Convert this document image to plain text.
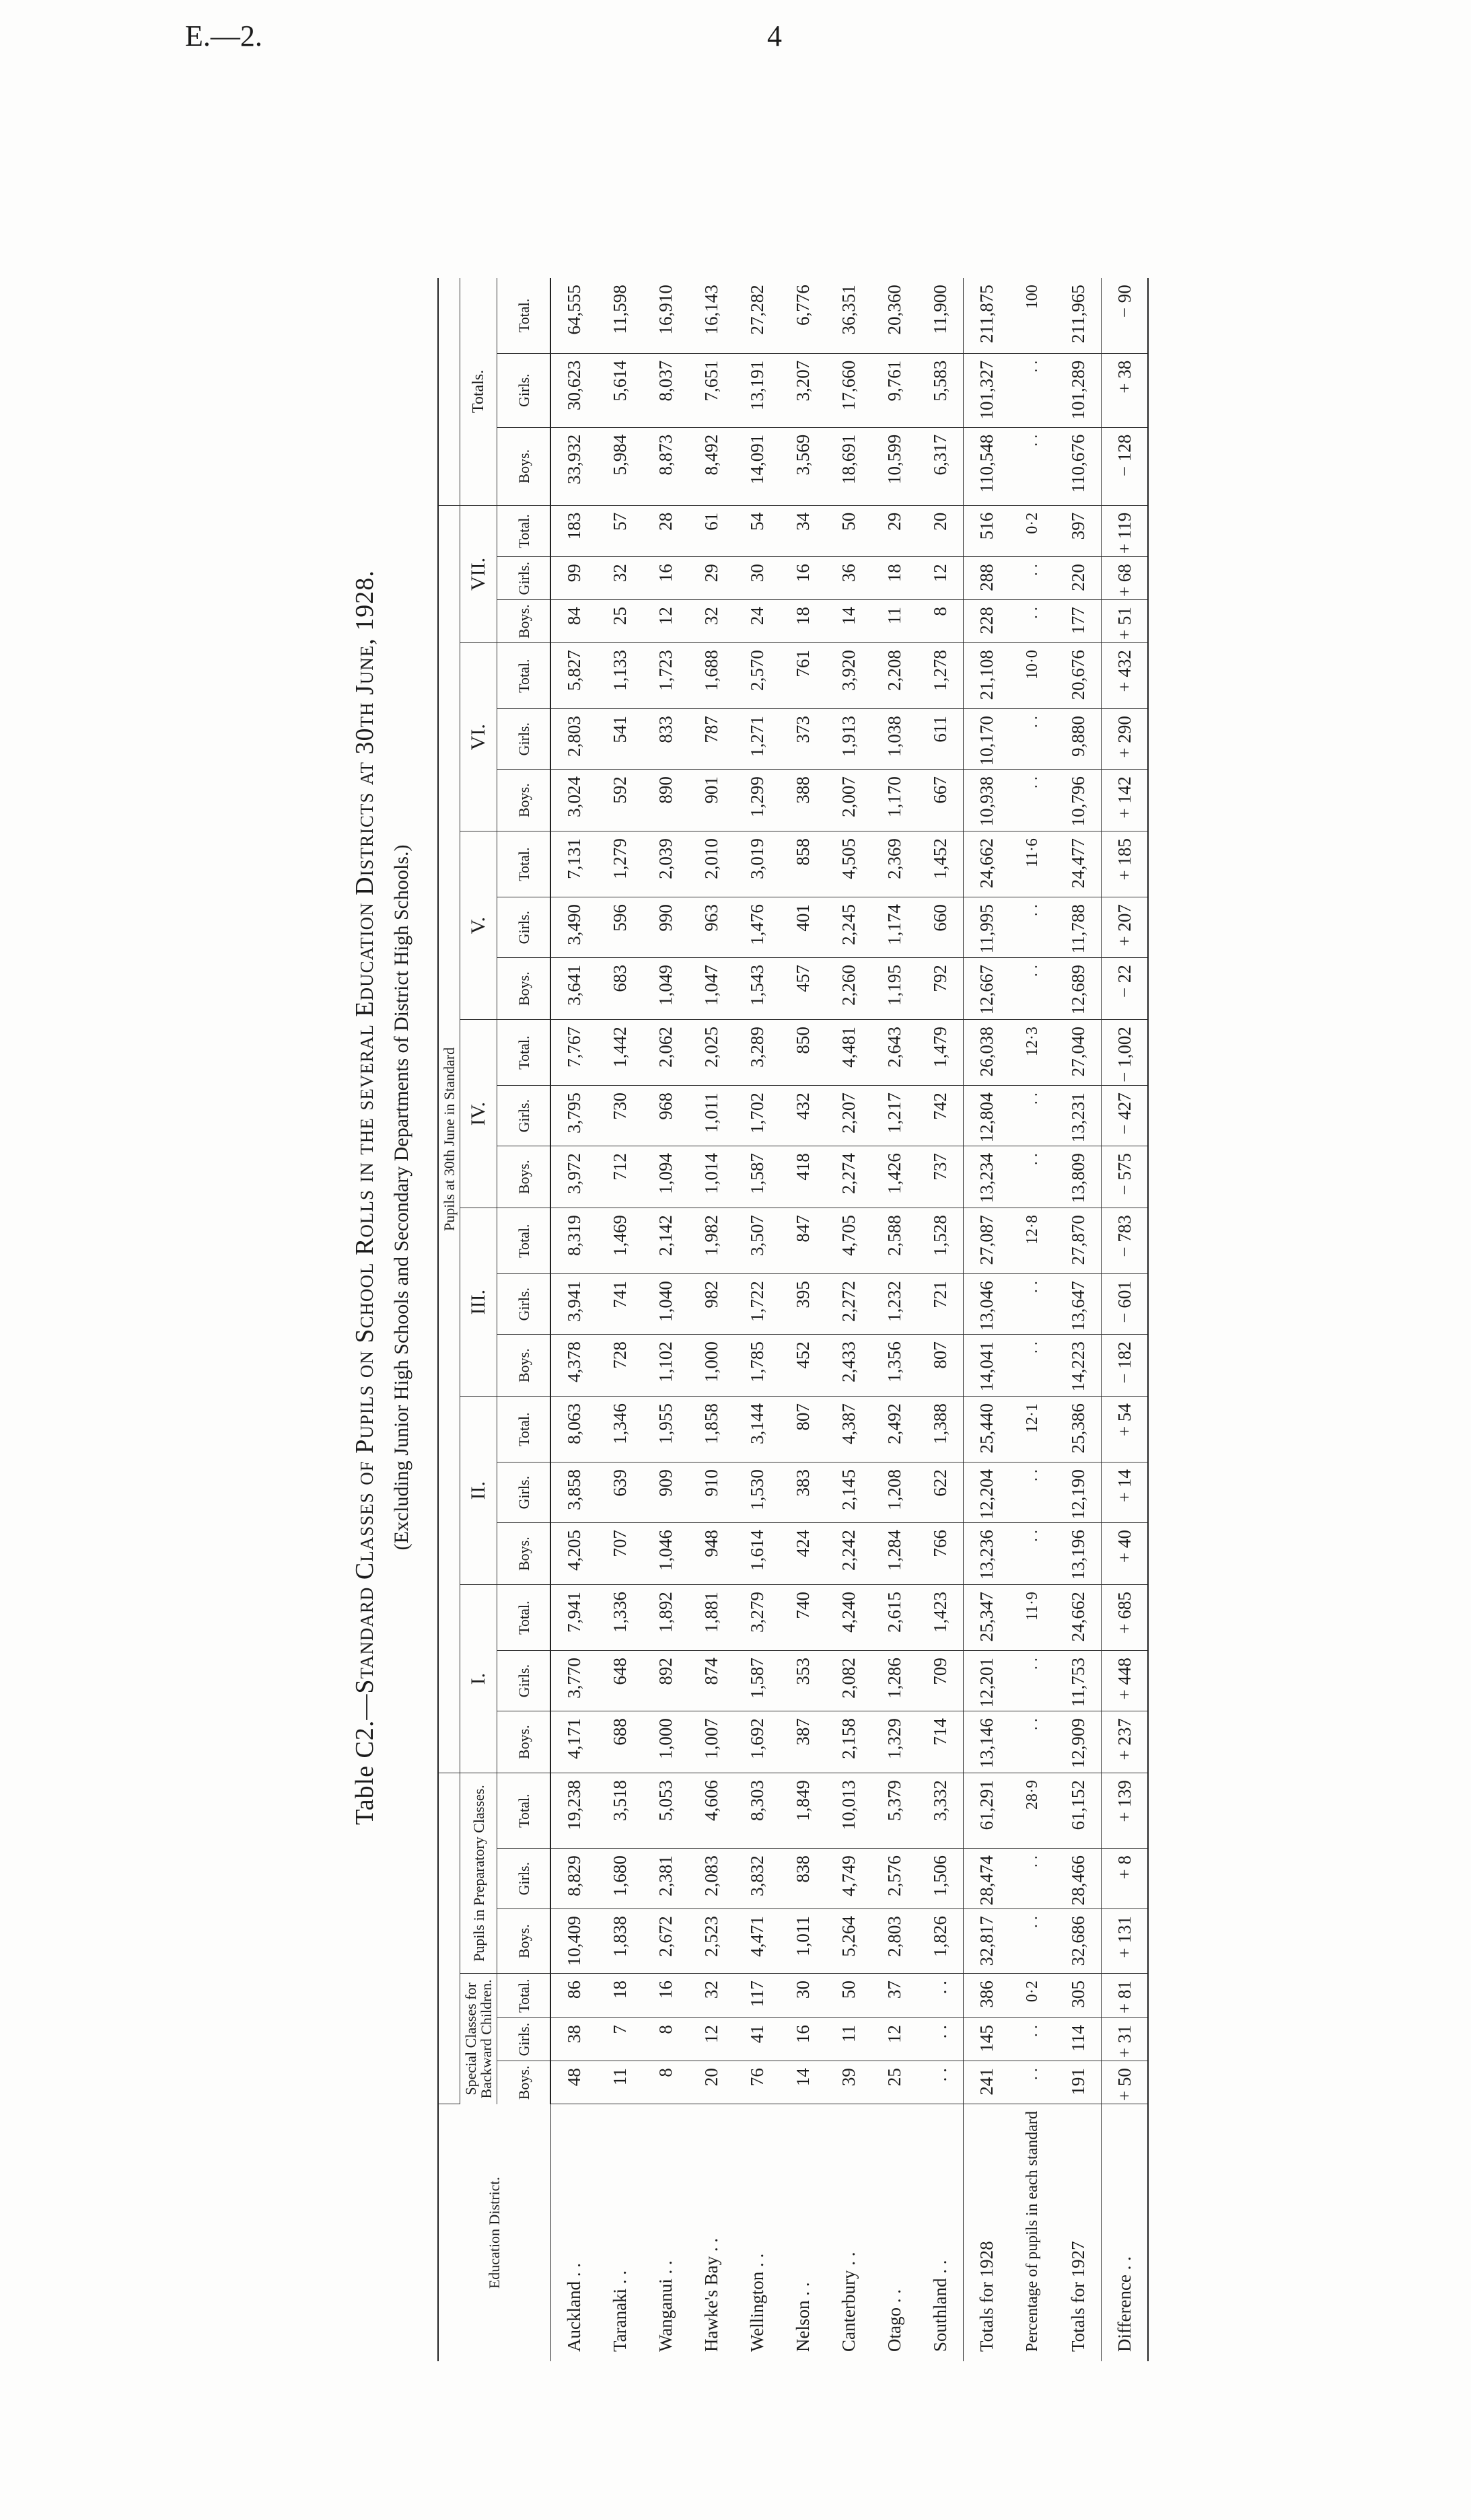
E.—2.	4
Table C2.—Standard Classes of Pupils on School Rolls in the several Education Districts at 30th June, 1928. (Excluding Junior High Schools and Secondary Departments of District High Schools.)
Education District.							Pupils at 30th June in Standard																							
	Special Classes for Backward Children.			Pupils in Preparatory Classes.			I.			II.			III.			IV.			V.			VI.			VII.			Totals.		
	Boys.	Girls.	Total.	Boys.	Girls.	Total.	Boys.	Girls.	Total.	Boys.	Girls.	Total.	Boys.	Girls.	Total.	Boys.	Girls.	Total.	Boys.	Girls.	Total.	Boys.	Girls.	Total.	Boys.	Girls.	Total.	Boys.	Girls.	Total.
Auckland . .	48	38	86	10,409	8,829	19,238	4,171	3,770	7,941	4,205	3,858	8,063	4,378	3,941	8,319	3,972	3,795	7,767	3,641	3,490	7,131	3,024	2,803	5,827	84	99	183	33,932	30,623	64,555
Taranaki . .	11	7	18	1,838	1,680	3,518	688	648	1,336	707	639	1,346	728	741	1,469	712	730	1,442	683	596	1,279	592	541	1,133	25	32	57	5,984	5,614	11,598
Wanganui . .	8	8	16	2,672	2,381	5,053	1,000	892	1,892	1,046	909	1,955	1,102	1,040	2,142	1,094	968	2,062	1,049	990	2,039	890	833	1,723	12	16	28	8,873	8,037	16,910
Hawke's Bay . .	20	12	32	2,523	2,083	4,606	1,007	874	1,881	948	910	1,858	1,000	982	1,982	1,014	1,011	2,025	1,047	963	2,010	901	787	1,688	32	29	61	8,492	7,651	16,143
Wellington . .	76	41	117	4,471	3,832	8,303	1,692	1,587	3,279	1,614	1,530	3,144	1,785	1,722	3,507	1,587	1,702	3,289	1,543	1,476	3,019	1,299	1,271	2,570	24	30	54	14,091	13,191	27,282
Nelson . .	14	16	30	1,011	838	1,849	387	353	740	424	383	807	452	395	847	418	432	850	457	401	858	388	373	761	18	16	34	3,569	3,207	6,776
Canterbury . .	39	11	50	5,264	4,749	10,013	2,158	2,082	4,240	2,242	2,145	4,387	2,433	2,272	4,705	2,274	2,207	4,481	2,260	2,245	4,505	2,007	1,913	3,920	14	36	50	18,691	17,660	36,351
Otago . .	25	12	37	2,803	2,576	5,379	1,329	1,286	2,615	1,284	1,208	2,492	1,356	1,232	2,588	1,426	1,217	2,643	1,195	1,174	2,369	1,170	1,038	2,208	11	18	29	10,599	9,761	20,360
Southland . .	. .	. .	. .	1,826	1,506	3,332	714	709	1,423	766	622	1,388	807	721	1,528	737	742	1,479	792	660	1,452	667	611	1,278	8	12	20	6,317	5,583	11,900
Totals for 1928	241	145	386	32,817	28,474	61,291	13,146	12,201	25,347	13,236	12,204	25,440	14,041	13,046	27,087	13,234	12,804	26,038	12,667	11,995	24,662	10,938	10,170	21,108	228	288	516	110,548	101,327	211,875
Percentage of pupils in each standard	. .	. .	0·2	. .	. .	28·9	. .	. .	11·9	. .	. .	12·1	. .	. .	12·8	. .	. .	12·3	. .	. .	11·6	. .	. .	10·0	. .	. .	0·2	. .	. .	100
Totals for 1927	191	114	305	32,686	28,466	61,152	12,909	11,753	24,662	13,196	12,190	25,386	14,223	13,647	27,870	13,809	13,231	27,040	12,689	11,788	24,477	10,796	9,880	20,676	177	220	397	110,676	101,289	211,965
Difference . .	+ 50	+ 31	+ 81	+ 131	+ 8	+ 139	+ 237	+ 448	+ 685	+ 40	+ 14	+ 54	− 182	− 601	− 783	− 575	− 427	− 1,002	− 22	+ 207	+ 185	+ 142	+ 290	+ 432	+ 51	+ 68	+ 119	− 128	+ 38	− 90
